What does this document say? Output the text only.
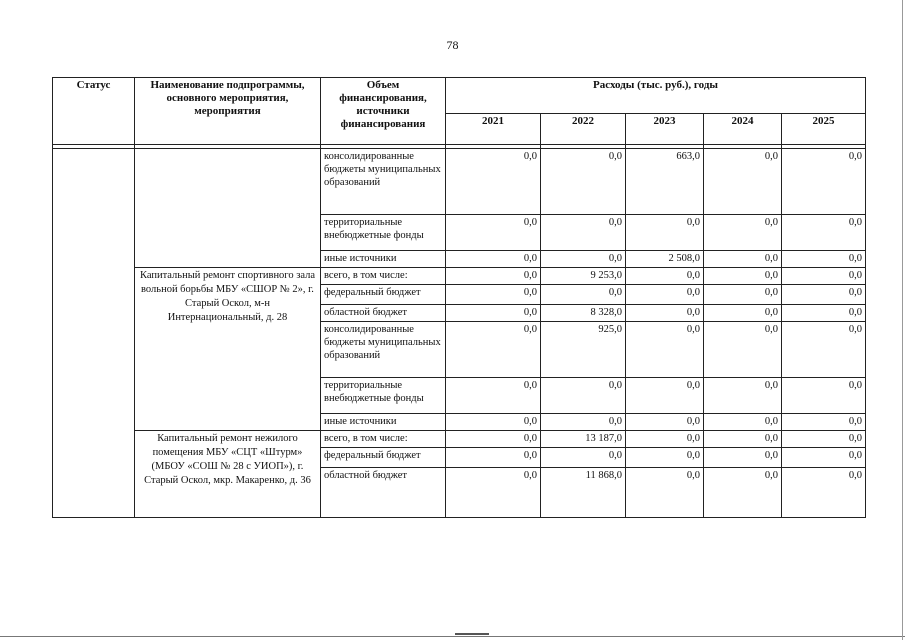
78
Статус	Наименование подпрограммы, основного мероприятия, мероприятия	Объем финансирования, источники финансирования	Расходы (тыс. руб.), годы				
			2021	2022	2023	2024	2025

		консолидированные бюджеты муниципальных образований	0,0	0,0	663,0	0,0	0,0
		территориальные внебюджетные фонды	0,0	0,0	0,0	0,0	0,0
		иные источники	0,0	0,0	2 508,0	0,0	0,0
	Капитальный ремонт спортивного зала вольной борьбы МБУ «СШОР № 2», г. Старый Оскол, м-н Интернациональный, д. 28	всего, в том числе:	0,0	9 253,0	0,0	0,0	0,0
		федеральный бюджет	0,0	0,0	0,0	0,0	0,0
		областной бюджет	0,0	8 328,0	0,0	0,0	0,0
		консолидированные бюджеты муниципальных образований	0,0	925,0	0,0	0,0	0,0
		территориальные внебюджетные фонды	0,0	0,0	0,0	0,0	0,0
		иные источники	0,0	0,0	0,0	0,0	0,0
	Капитальный ремонт нежилого помещения МБУ «СЦТ «Штурм» (МБОУ «СОШ № 28 с УИОП»), г. Старый Оскол, мкр. Макаренко, д. 36	всего, в том числе:	0,0	13 187,0	0,0	0,0	0,0
		федеральный бюджет	0,0	0,0	0,0	0,0	0,0
		областной бюджет	0,0	11 868,0	0,0	0,0	0,0
